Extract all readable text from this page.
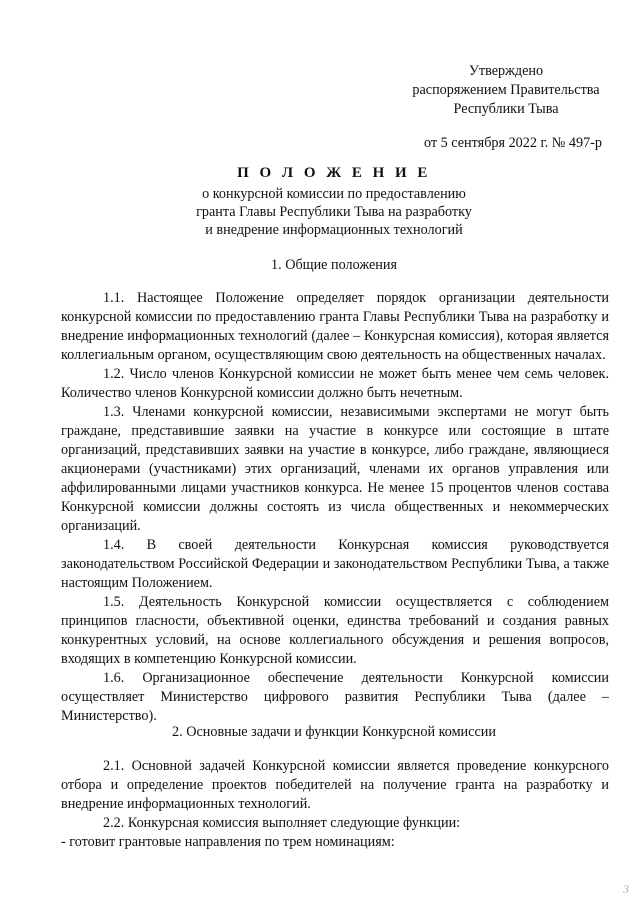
Утверждено
распоряжением Правительства
Республики Тыва
от 5 сентября 2022 г. № 497-р
П О Л О Ж Е Н И Е
о конкурсной комиссии по предоставлению
гранта Главы Республики Тыва на разработку
и внедрение информационных технологий
1. Общие положения

1.1. Настоящее Положение определяет порядок организации деятельности конкурсной комиссии по предоставлению гранта Главы Республики Тыва на разработку и внедрение информационных технологий (далее – Конкурсная комиссия), которая является коллегиальным органом, осуществляющим свою деятельность на общественных началах.

1.2. Число членов Конкурсной комиссии не может быть менее чем семь человек. Количество членов Конкурсной комиссии должно быть нечетным.

1.3. Членами конкурсной комиссии, независимыми экспертами не могут быть граждане, представившие заявки на участие в конкурсе или состоящие в штате организаций, представивших заявки на участие в конкурсе, либо граждане, являющиеся акционерами (участниками) этих организаций, членами их органов управления или аффилированными лицами участников конкурса. Не менее 15 процентов членов состава Конкурсной комиссии должны состоять из числа общественных и некоммерческих организаций.

1.4. В своей деятельности Конкурсная комиссия руководствуется законодательством Российской Федерации и законодательством Республики Тыва, а также настоящим Положением.

1.5. Деятельность Конкурсной комиссии осуществляется с соблюдением принципов гласности, объективной оценки, единства требований и создания равных конкурентных условий, на основе коллегиального обсуждения и решения вопросов, входящих в компетенцию Конкурсной комиссии.

1.6. Организационное обеспечение деятельности Конкурсной комиссии осуществляет Министерство цифрового развития Республики Тыва (далее – Министерство).

2. Основные задачи и функции Конкурсной комиссии

2.1. Основной задачей Конкурсной комиссии является проведение конкурсного отбора и определение проектов победителей на получение гранта на разработку и внедрение информационных технологий.

2.2. Конкурсная комиссия выполняет следующие функции:

- готовит грантовые направления по трем номинациям:

3
